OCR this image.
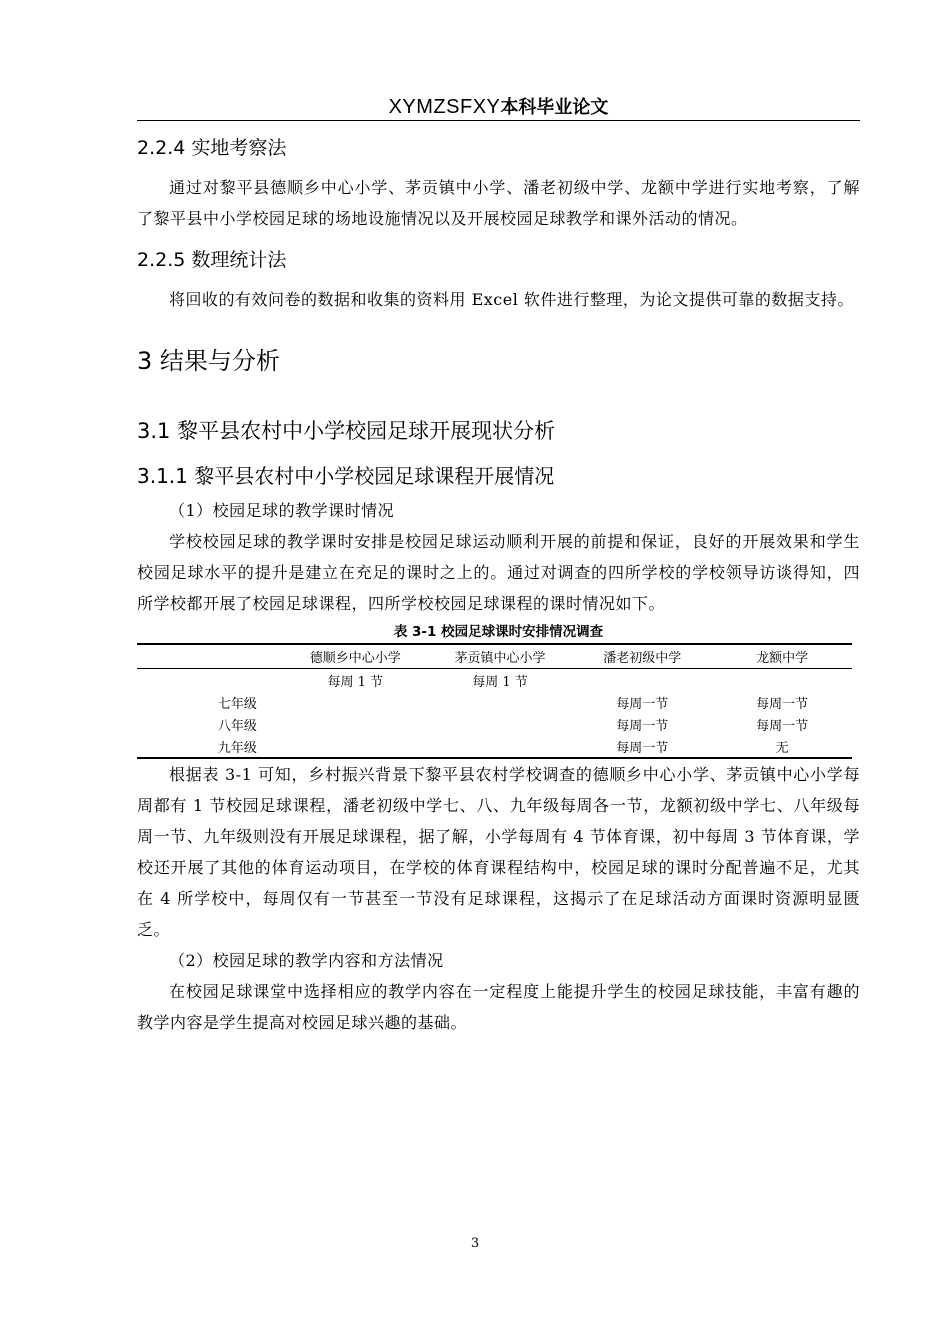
XYMZSFXY本科毕业论文
2.2.4 实地考察法

通过对黎平县德顺乡中心小学、茅贡镇中小学、潘老初级中学、龙额中学进行实地考察，了解了黎平县中小学校园足球的场地设施情况以及开展校园足球教学和课外活动的情况。

2.2.5 数理统计法

将回收的有效问卷的数据和收集的资料用 Excel 软件进行整理，为论文提供可靠的数据支持。

3 结果与分析
3.1 黎平县农村中小学校园足球开展现状分析
3.1.1 黎平县农村中小学校园足球课程开展情况

（1）校园足球的教学课时情况

学校校园足球的教学课时安排是校园足球运动顺利开展的前提和保证，良好的开展效果和学生校园足球水平的提升是建立在充足的课时之上的。通过对调查的四所学校的学校领导访谈得知，四所学校都开展了校园足球课程，四所学校校园足球课程的课时情况如下。

表 3-1 校园足球课时安排情况调查
	德顺乡中心小学	茅贡镇中心小学	潘老初级中学	龙额中学
	每周 1 节	每周 1 节		
七年级			每周一节	每周一节
八年级			每周一节	每周一节
九年级			每周一节	无

根据表 3-1 可知，乡村振兴背景下黎平县农村学校调查的德顺乡中心小学、茅贡镇中心小学每周都有 1 节校园足球课程，潘老初级中学七、八、九年级每周各一节，龙额初级中学七、八年级每周一节、九年级则没有开展足球课程，据了解，小学每周有 4 节体育课，初中每周 3 节体育课，学校还开展了其他的体育运动项目，在学校的体育课程结构中，校园足球的课时分配普遍不足，尤其在 4 所学校中，每周仅有一节甚至一节没有足球课程，这揭示了在足球活动方面课时资源明显匮乏。

（2）校园足球的教学内容和方法情况

在校园足球课堂中选择相应的教学内容在一定程度上能提升学生的校园足球技能，丰富有趣的教学内容是学生提高对校园足球兴趣的基础。

3
